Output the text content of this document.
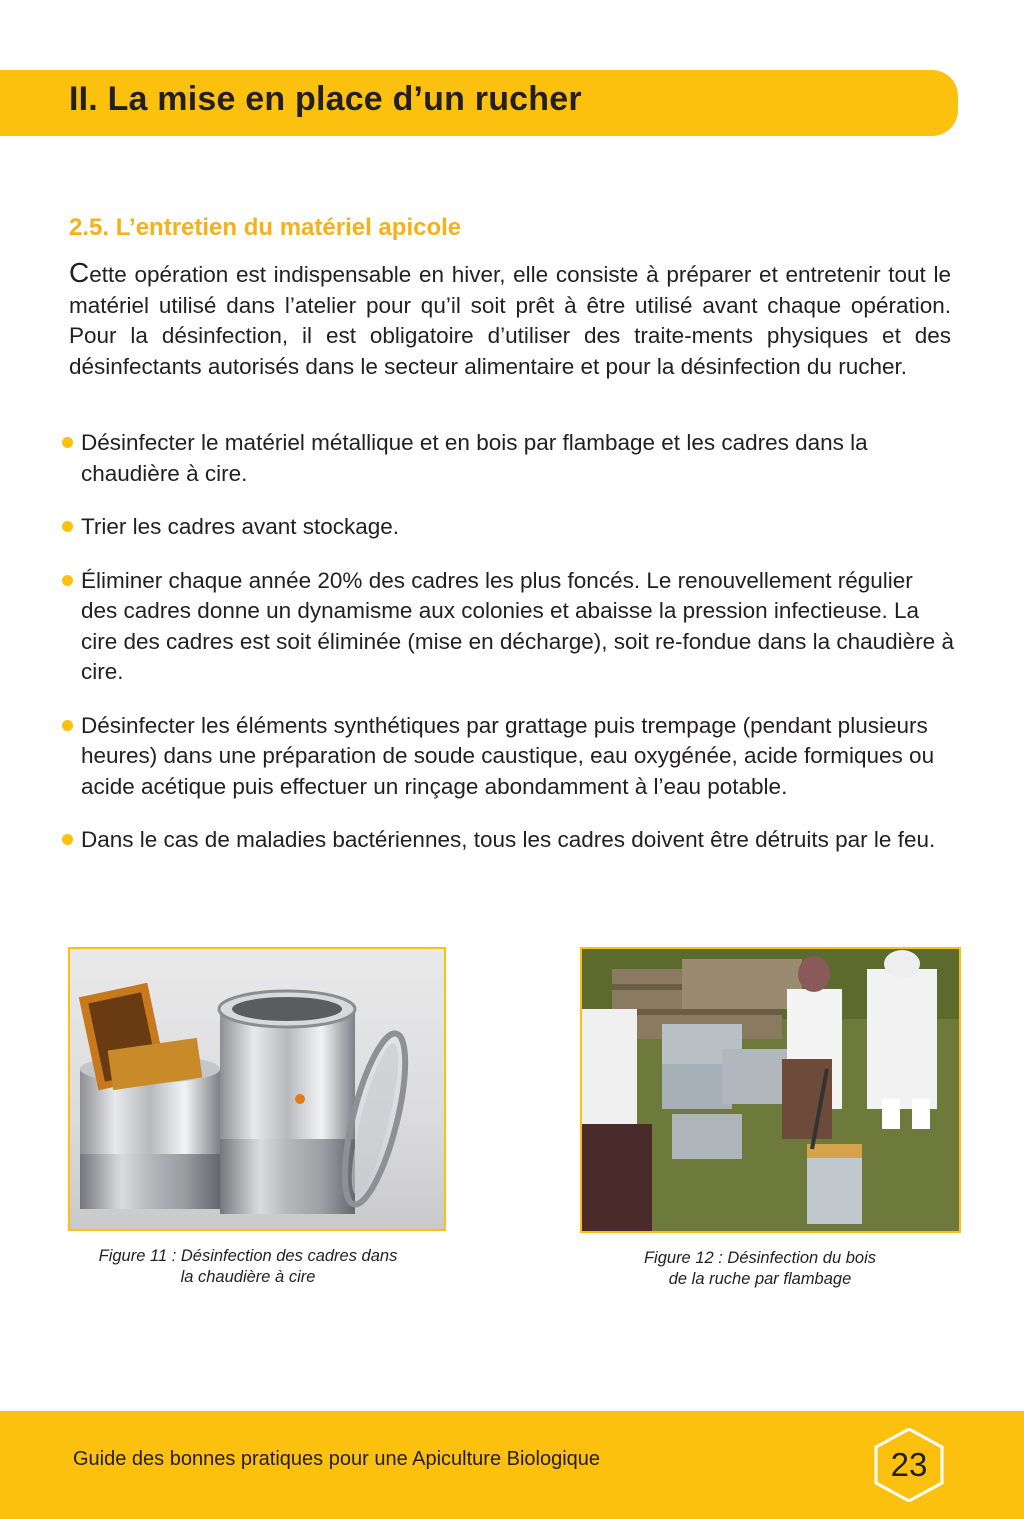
II. La mise en place d’un rucher
2.5. L’entretien du matériel apicole

Cette opération est indispensable en hiver, elle consiste à préparer et entretenir tout le matériel utilisé dans l’atelier pour qu’il soit prêt à être utilisé avant chaque opération. Pour la désinfection, il est obligatoire d’utiliser des traite-ments physiques et des désinfectants autorisés dans le secteur alimentaire et pour la désinfection du rucher.

Désinfecter le matériel métallique et en bois par flambage et les cadres dans la chaudière à cire.
Trier les cadres avant stockage.
Éliminer chaque année 20% des cadres les plus foncés. Le renouvellement régulier des cadres donne un dynamisme aux colonies et abaisse la pression infectieuse. La cire des cadres est soit éliminée (mise en décharge), soit re-fondue dans la chaudière à cire.
Désinfecter les éléments synthétiques par grattage puis trempage (pendant plusieurs heures) dans une préparation de soude caustique, eau oxygénée, acide formiques ou acide acétique puis effectuer un rinçage abondamment à l’eau potable.
Dans le cas de maladies bactériennes, tous les cadres doivent être détruits par le feu.
Figure 11 : Désinfection des cadres dans
la chaudière à cire
Figure 12 : Désinfection du bois
de la ruche par flambage
Guide des bonnes pratiques pour une Apiculture Biologique	23
